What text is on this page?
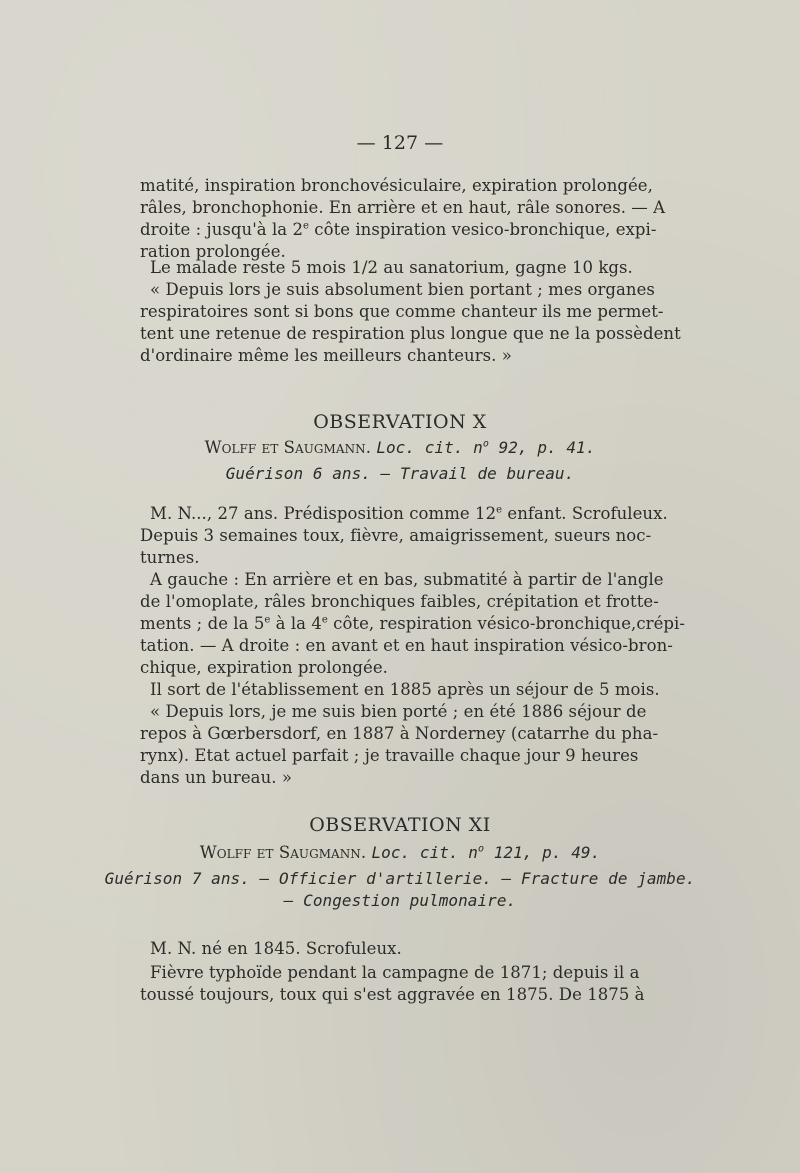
— 127 —
matité, inspiration bronchovésiculaire, expiration prolongée,
râles, bronchophonie. En arrière et en haut, râle sonores. — A
droite : jusqu'à la 2e côte inspiration vesico-bronchique, expi-
ration prolongée.
Le malade reste 5 mois 1/2 au sanatorium, gagne 10 kgs.
« Depuis lors je suis absolument bien portant ; mes organes
respiratoires sont si bons que comme chanteur ils me permet-
tent une retenue de respiration plus longue que ne la possèdent
d'ordinaire même les meilleurs chanteurs. »
OBSERVATION X
Wolff et Saugmann. Loc. cit. $n^o$ 92, p. 41.
Guérison 6 ans. — Travail de bureau.
M. N..., 27 ans. Prédisposition comme 12e enfant. Scrofuleux.
Depuis 3 semaines toux, fièvre, amaigrissement, sueurs noc-
turnes.
A gauche : En arrière et en bas, submatité à partir de l'angle
de l'omoplate, râles bronchiques faibles, crépitation et frotte-
ments ; de la 5e à la 4e côte, respiration vésico-bronchique,crépi-
tation. — A droite : en avant et en haut inspiration vésico-bron-
chique, expiration prolongée.
Il sort de l'établissement en 1885 après un séjour de 5 mois.
« Depuis lors, je me suis bien porté ; en été 1886 séjour de
repos à Gœrbersdorf, en 1887 à Norderney (catarrhe du pha-
rynx). Etat actuel parfait ; je travaille chaque jour 9 heures
dans un bureau. »
OBSERVATION XI
Wolff et Saugmann. Loc. cit. $n^o$ 121, p. 49.
Guérison 7 ans. — Officier d'artillerie. — Fracture de jambe.
— Congestion pulmonaire.
M. N. né en 1845. Scrofuleux.
Fièvre typhoïde pendant la campagne de 1871; depuis il a
toussé toujours, toux qui s'est aggravée en 1875. De 1875 à
